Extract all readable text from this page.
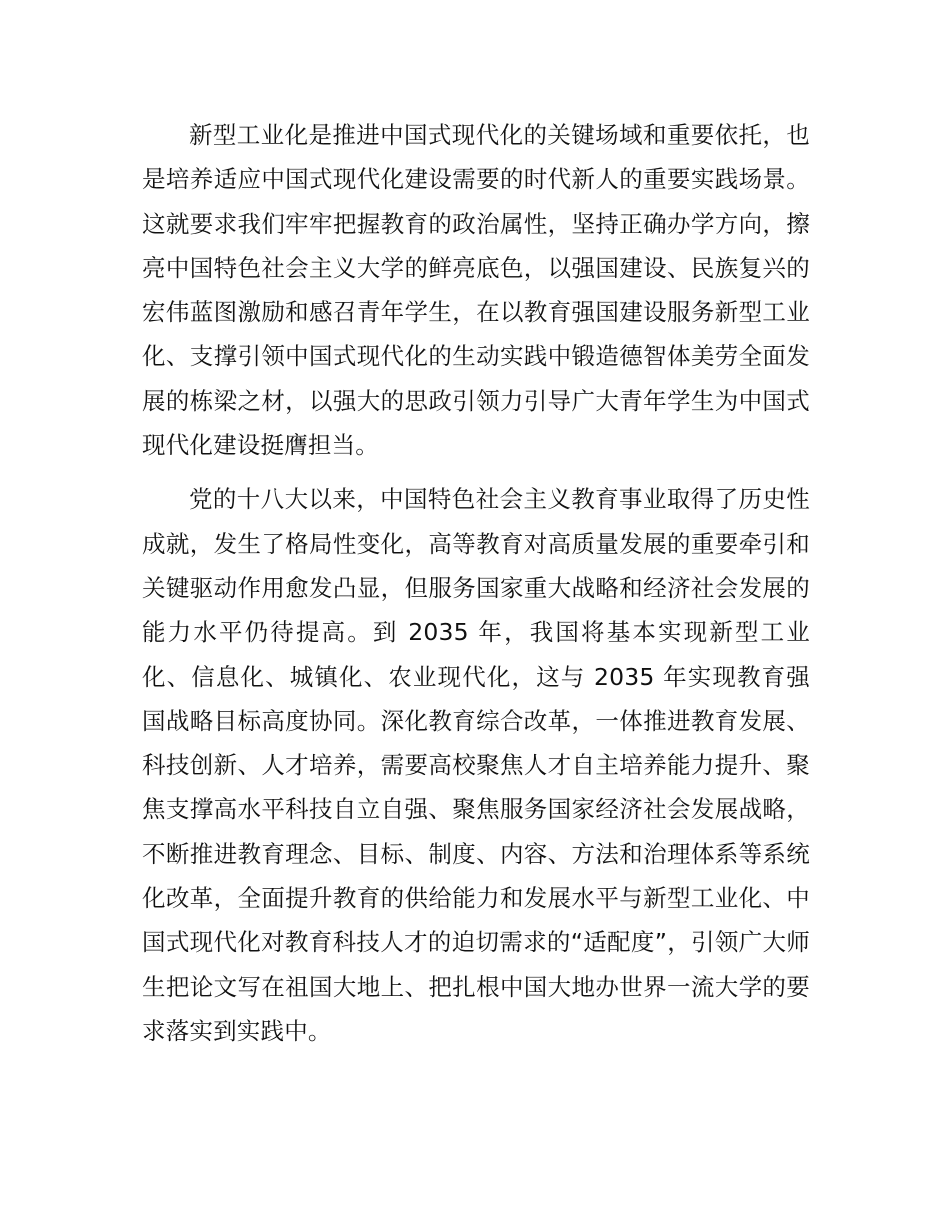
新型工业化是推进中国式现代化的关键场域和重要依托，也是培养适应中国式现代化建设需要的时代新人的重要实践场景。这就要求我们牢牢把握教育的政治属性，坚持正确办学方向，擦亮中国特色社会主义大学的鲜亮底色，以强国建设、民族复兴的宏伟蓝图激励和感召青年学生，在以教育强国建设服务新型工业化、支撑引领中国式现代化的生动实践中锻造德智体美劳全面发展的栋梁之材，以强大的思政引领力引导广大青年学生为中国式现代化建设挺膺担当。

党的十八大以来，中国特色社会主义教育事业取得了历史性成就，发生了格局性变化，高等教育对高质量发展的重要牵引和关键驱动作用愈发凸显，但服务国家重大战略和经济社会发展的能力水平仍待提高。到 2035 年，我国将基本实现新型工业化、信息化、城镇化、农业现代化，这与 2035 年实现教育强国战略目标高度协同。深化教育综合改革，一体推进教育发展、科技创新、人才培养，需要高校聚焦人才自主培养能力提升、聚焦支撑高水平科技自立自强、聚焦服务国家经济社会发展战略，不断推进教育理念、目标、制度、内容、方法和治理体系等系统化改革，全面提升教育的供给能力和发展水平与新型工业化、中国式现代化对教育科技人才的迫切需求的“适配度”，引领广大师生把论文写在祖国大地上、把扎根中国大地办世界一流大学的要求落实到实践中。
